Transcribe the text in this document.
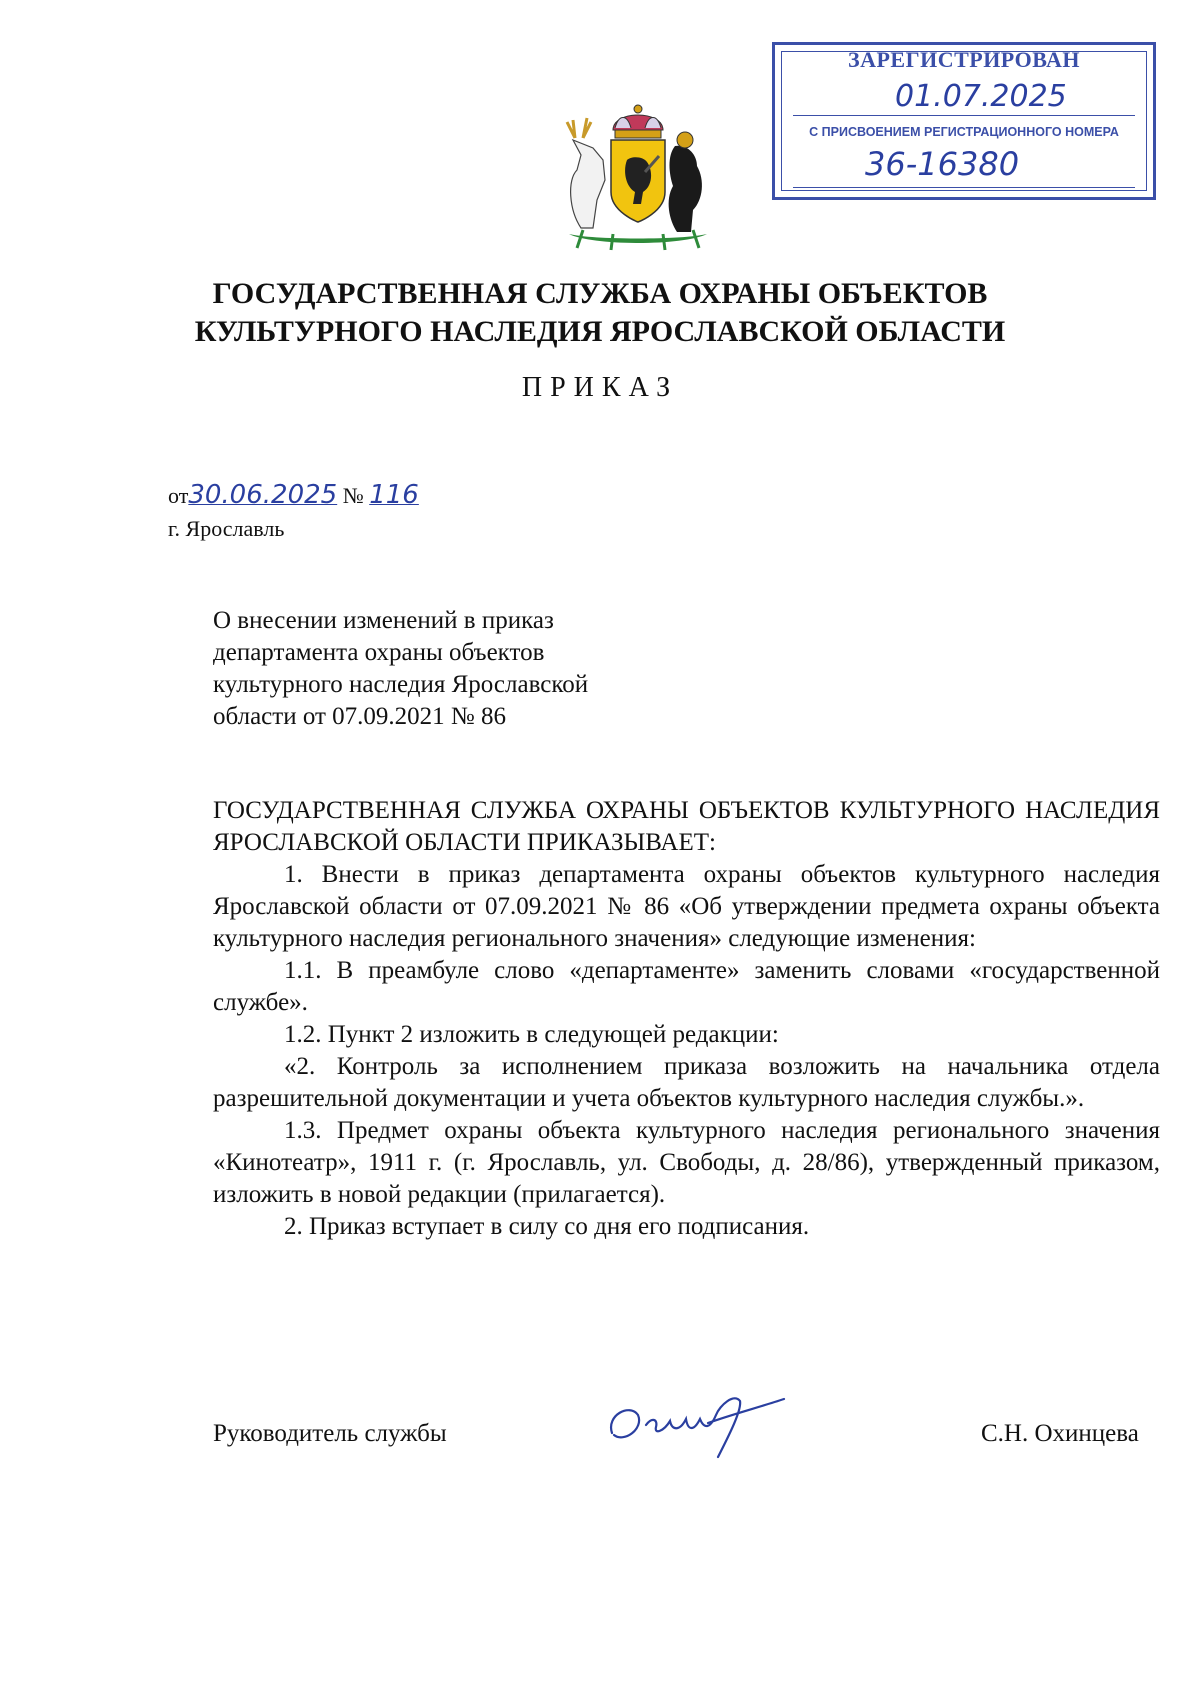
ЗАРЕГИСТРИРОВАН
01.07.2025
С ПРИСВОЕНИЕМ РЕГИСТРАЦИОННОГО НОМЕРА
36-16380
ГОСУДАРСТВЕННАЯ СЛУЖБА ОХРАНЫ ОБЪЕКТОВ
КУЛЬТУРНОГО НАСЛЕДИЯ ЯРОСЛАВСКОЙ ОБЛАСТИ
ПРИКАЗ
от30.06.2025 № 116
г. Ярославль
О внесении изменений в приказ
департамента охраны объектов
культурного наследия Ярославской
области от 07.09.2021 № 86

ГОСУДАРСТВЕННАЯ СЛУЖБА ОХРАНЫ ОБЪЕКТОВ КУЛЬТУРНОГО НАСЛЕДИЯ ЯРОСЛАВСКОЙ ОБЛАСТИ ПРИКАЗЫВАЕТ:

1. Внести в приказ департамента охраны объектов культурного наследия Ярославской области от 07.09.2021 № 86 «Об утверждении предмета охраны объекта культурного наследия регионального значения» следующие изменения:

1.1. В преамбуле слово «департаменте» заменить словами «государственной службе».

1.2. Пункт 2 изложить в следующей редакции:

«2. Контроль за исполнением приказа возложить на начальника отдела разрешительной документации и учета объектов культурного наследия службы.».

1.3. Предмет охраны объекта культурного наследия регионального значения «Кинотеатр», 1911 г. (г. Ярославль, ул. Свободы, д. 28/86), утвержденный приказом, изложить в новой редакции (прилагается).

2. Приказ вступает в силу со дня его подписания.

Руководитель службы	С.Н. Охинцева
